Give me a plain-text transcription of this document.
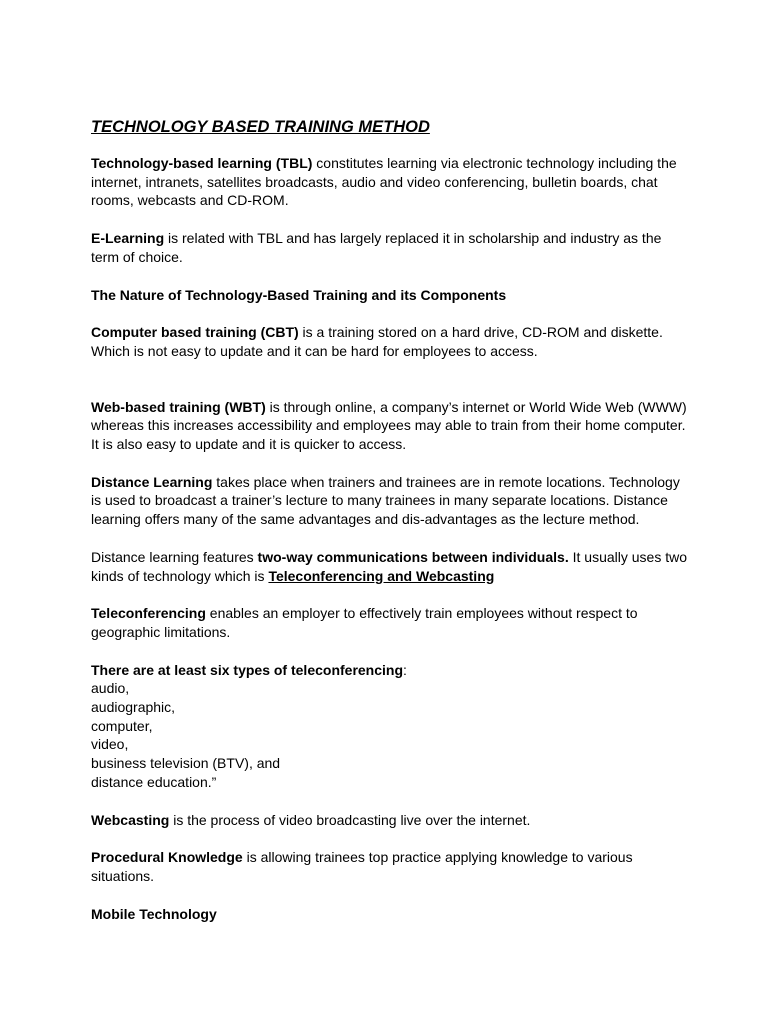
TECHNOLOGY BASED TRAINING METHOD

Technology-based learning (TBL) constitutes learning via electronic technology including the internet, intranets, satellites broadcasts, audio and video conferencing, bulletin boards, chat rooms, webcasts and CD-ROM.

E-Learning is related with TBL and has largely replaced it in scholarship and industry as the term of choice.

The Nature of Technology-Based Training and its Components

Computer based training (CBT) is a training stored on a hard drive, CD-ROM and diskette. Which is not easy to update and it can be hard for employees to access.

Web-based training (WBT) is through online, a company’s internet or World Wide Web (WWW) whereas this increases accessibility and employees may able to train from their home computer. It is also easy to update and it is quicker to access.

Distance Learning takes place when trainers and trainees are in remote locations. Technology is used to broadcast a trainer’s lecture to many trainees in many separate locations. Distance learning offers many of the same advantages and dis-advantages as the lecture method.

Distance learning features two-way communications between individuals. It usually uses two kinds of technology which is Teleconferencing and Webcasting

Teleconferencing enables an employer to effectively train employees without respect to geographic limitations.

There are at least six types of teleconferencing:
audio,
audiographic,
computer,
video,
business television (BTV), and
distance education.”

Webcasting is the process of video broadcasting live over the internet.

Procedural Knowledge is allowing trainees top practice applying knowledge to various situations.

Mobile Technology
